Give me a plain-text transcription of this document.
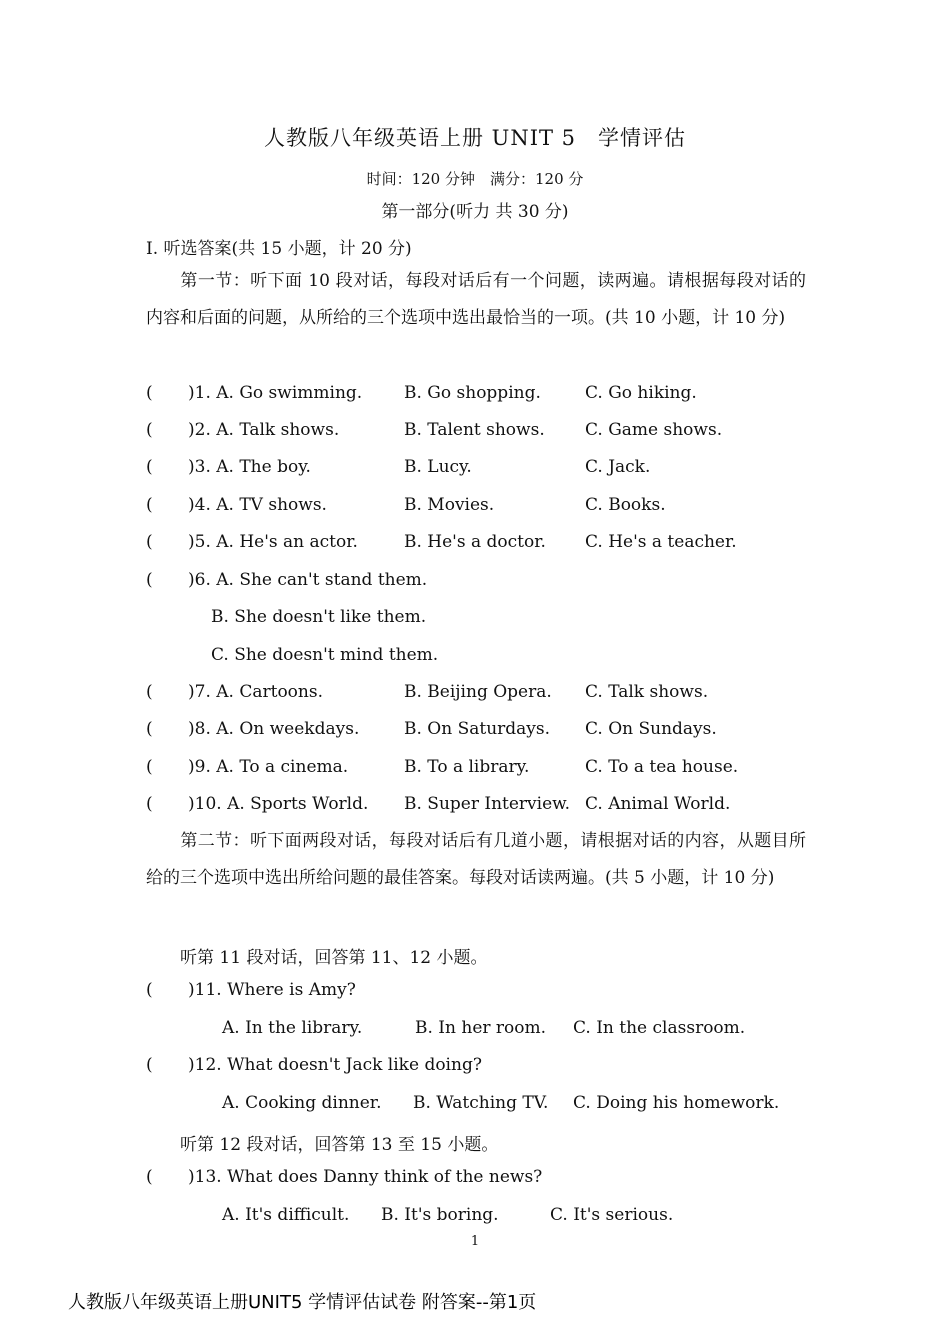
人教版八年级英语上册 UNIT 5　学情评估
时间：120 分钟　满分：120 分
第一部分(听力 共 30 分)
Ⅰ. 听选答案(共 15 小题，计 20 分)
第一节：听下面 10 段对话，每段对话后有一个问题，读两遍。请根据每段对话的内容和后面的问题，从所给的三个选项中选出最恰当的一项。(共 10 小题，计 10 分)
( )1. A. Go swimming. B. Go shopping.	C. Go hiking.
( )2. A. Talk shows.	B. Talent shows. C. Game shows.
( )3. A. The boy.	B. Lucy.	C. Jack.
( )4. A. TV shows.	B. Movies.	C. Books.
( )5. A. He's an actor.	B. He's a doctor. C. He's a teacher.
( )6. A. She can't stand them.
B. She doesn't like them.
C. She doesn't mind them.
( )7. A. Cartoons.	B. Beijing Opera. C. Talk shows.
( )8. A. On weekdays.	B. On Saturdays. C. On Sundays.
( )9. A. To a cinema.	B. To a library.	C. To a tea house.
( )10. A. Sports World. B. Super Interview. C. Animal World.
第二节：听下面两段对话，每段对话后有几道小题，请根据对话的内容，从题目所给的三个选项中选出所给问题的最佳答案。每段对话读两遍。(共 5 小题，计 10 分)
听第 11 段对话，回答第 11、12 小题。
( )11. Where is Amy?
A. In the library.	B. In her room. C. In the classroom.
( )12. What doesn't Jack like doing?
A. Cooking dinner. B. Watching TV. C. Doing his homework.
听第 12 段对话，回答第 13 至 15 小题。
( )13. What does Danny think of the news?
A. It's difficult. B. It's boring.	C. It's serious.
1
人教版八年级英语上册UNIT5 学情评估试卷 附答案--第1页
